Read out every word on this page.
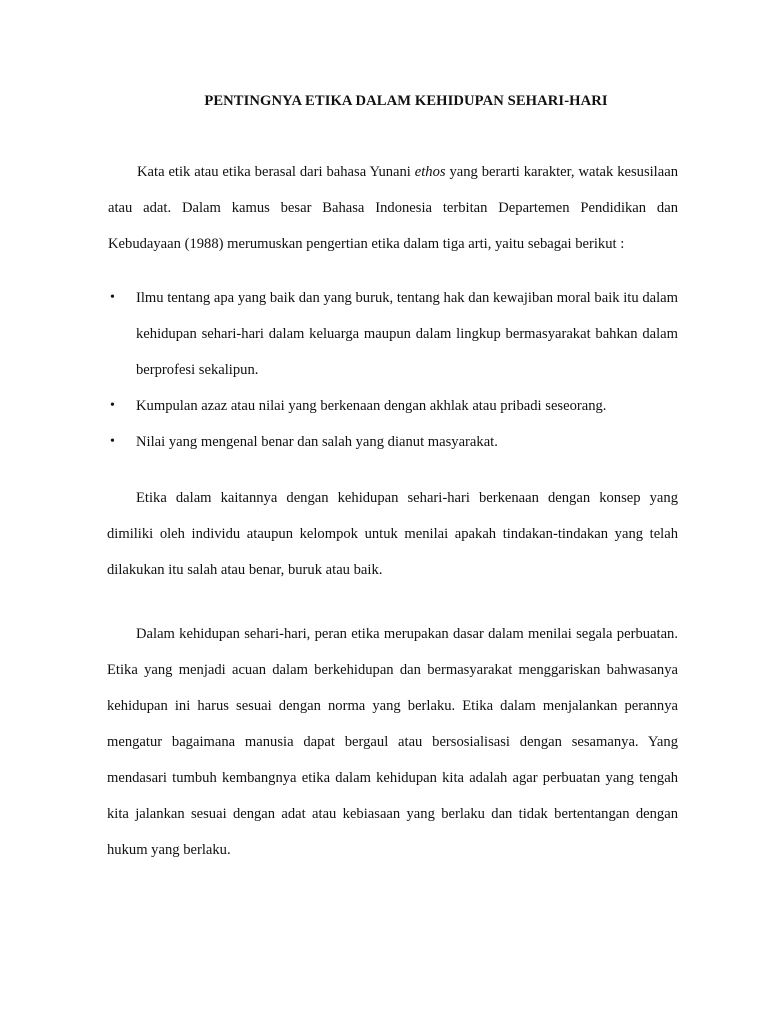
PENTINGNYA ETIKA DALAM KEHIDUPAN SEHARI-HARI

Kata etik atau etika berasal dari bahasa Yunani ethos yang berarti karakter, watak kesusilaan atau adat. Dalam kamus besar Bahasa Indonesia terbitan Departemen Pendidikan dan Kebudayaan (1988) merumuskan pengertian etika dalam tiga arti, yaitu sebagai berikut :

• Ilmu tentang apa yang baik dan yang buruk, tentang hak dan kewajiban moral baik itu dalam kehidupan sehari-hari dalam keluarga maupun dalam lingkup bermasyarakat bahkan dalam berprofesi sekalipun.
• Kumpulan azaz atau nilai yang berkenaan dengan akhlak atau pribadi seseorang.
• Nilai yang mengenal benar dan salah yang dianut masyarakat.

Etika dalam kaitannya dengan kehidupan sehari-hari berkenaan dengan konsep yang dimiliki oleh individu ataupun kelompok untuk menilai apakah tindakan-tindakan yang telah dilakukan itu salah atau benar, buruk atau baik.

Dalam kehidupan sehari-hari, peran etika merupakan dasar dalam menilai segala perbuatan. Etika yang menjadi acuan dalam berkehidupan dan bermasyarakat menggariskan bahwasanya kehidupan ini harus sesuai dengan norma yang berlaku. Etika dalam menjalankan perannya mengatur bagaimana manusia dapat bergaul atau bersosialisasi dengan sesamanya. Yang mendasari tumbuh kembangnya etika dalam kehidupan kita adalah agar perbuatan yang tengah kita jalankan sesuai dengan adat atau kebiasaan yang berlaku dan tidak bertentangan dengan hukum yang berlaku.
